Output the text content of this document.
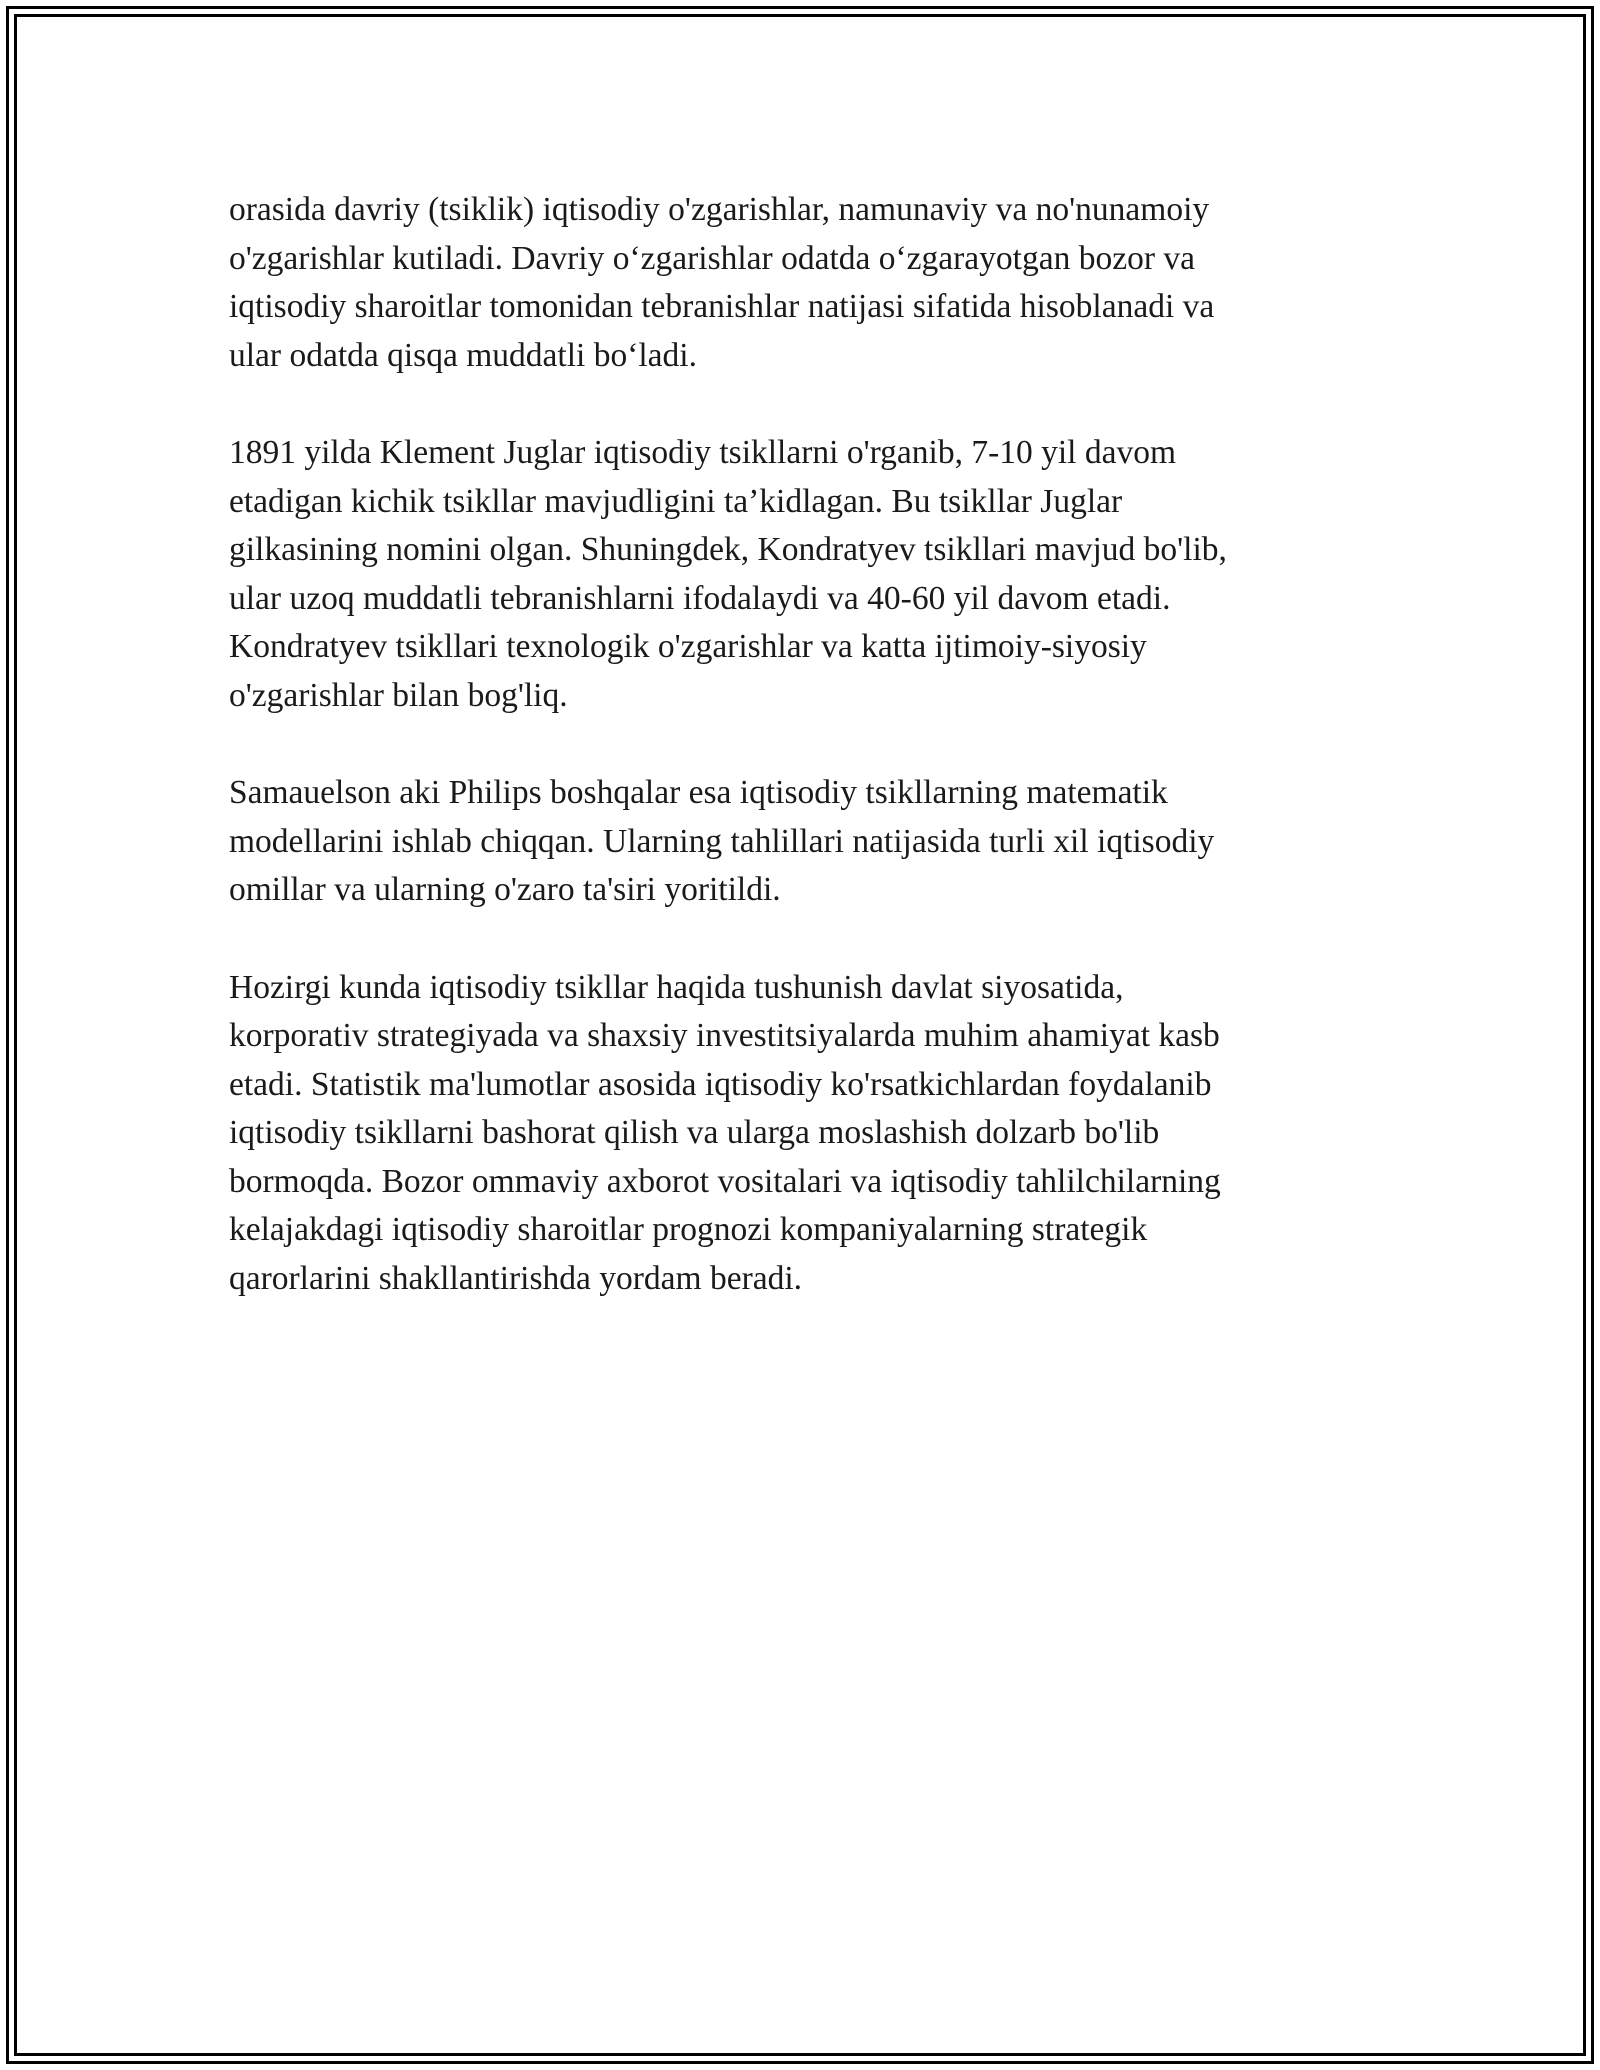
orasida davriy (tsiklik) iqtisodiy o'zgarishlar, namunaviy va no'nunamoiy
o'zgarishlar kutiladi. Davriy o‘zgarishlar odatda o‘zgarayotgan bozor va
iqtisodiy sharoitlar tomonidan tebranishlar natijasi sifatida hisoblanadi va
ular odatda qisqa muddatli bo‘ladi.

1891 yilda Klement Juglar iqtisodiy tsikllarni o'rganib, 7-10 yil davom
etadigan kichik tsikllar mavjudligini ta’kidlagan. Bu tsikllar Juglar
gilkasining nomini olgan. Shuningdek, Kondratyev tsikllari mavjud bo'lib,
ular uzoq muddatli tebranishlarni ifodalaydi va 40-60 yil davom etadi.
Kondratyev tsikllari texnologik o'zgarishlar va katta ijtimoiy-siyosiy
o'zgarishlar bilan bog'liq.

Samauelson aki Philips boshqalar esa iqtisodiy tsikllarning matematik
modellarini ishlab chiqqan. Ularning tahlillari natijasida turli xil iqtisodiy
omillar va ularning o'zaro ta'siri yoritildi.

Hozirgi kunda iqtisodiy tsikllar haqida tushunish davlat siyosatida,
korporativ strategiyada va shaxsiy investitsiyalarda muhim ahamiyat kasb
etadi. Statistik ma'lumotlar asosida iqtisodiy ko'rsatkichlardan foydalanib
iqtisodiy tsikllarni bashorat qilish va ularga moslashish dolzarb bo'lib
bormoqda. Bozor ommaviy axborot vositalari va iqtisodiy tahlilchilarning
kelajakdagi iqtisodiy sharoitlar prognozi kompaniyalarning strategik
qarorlarini shakllantirishda yordam beradi.
